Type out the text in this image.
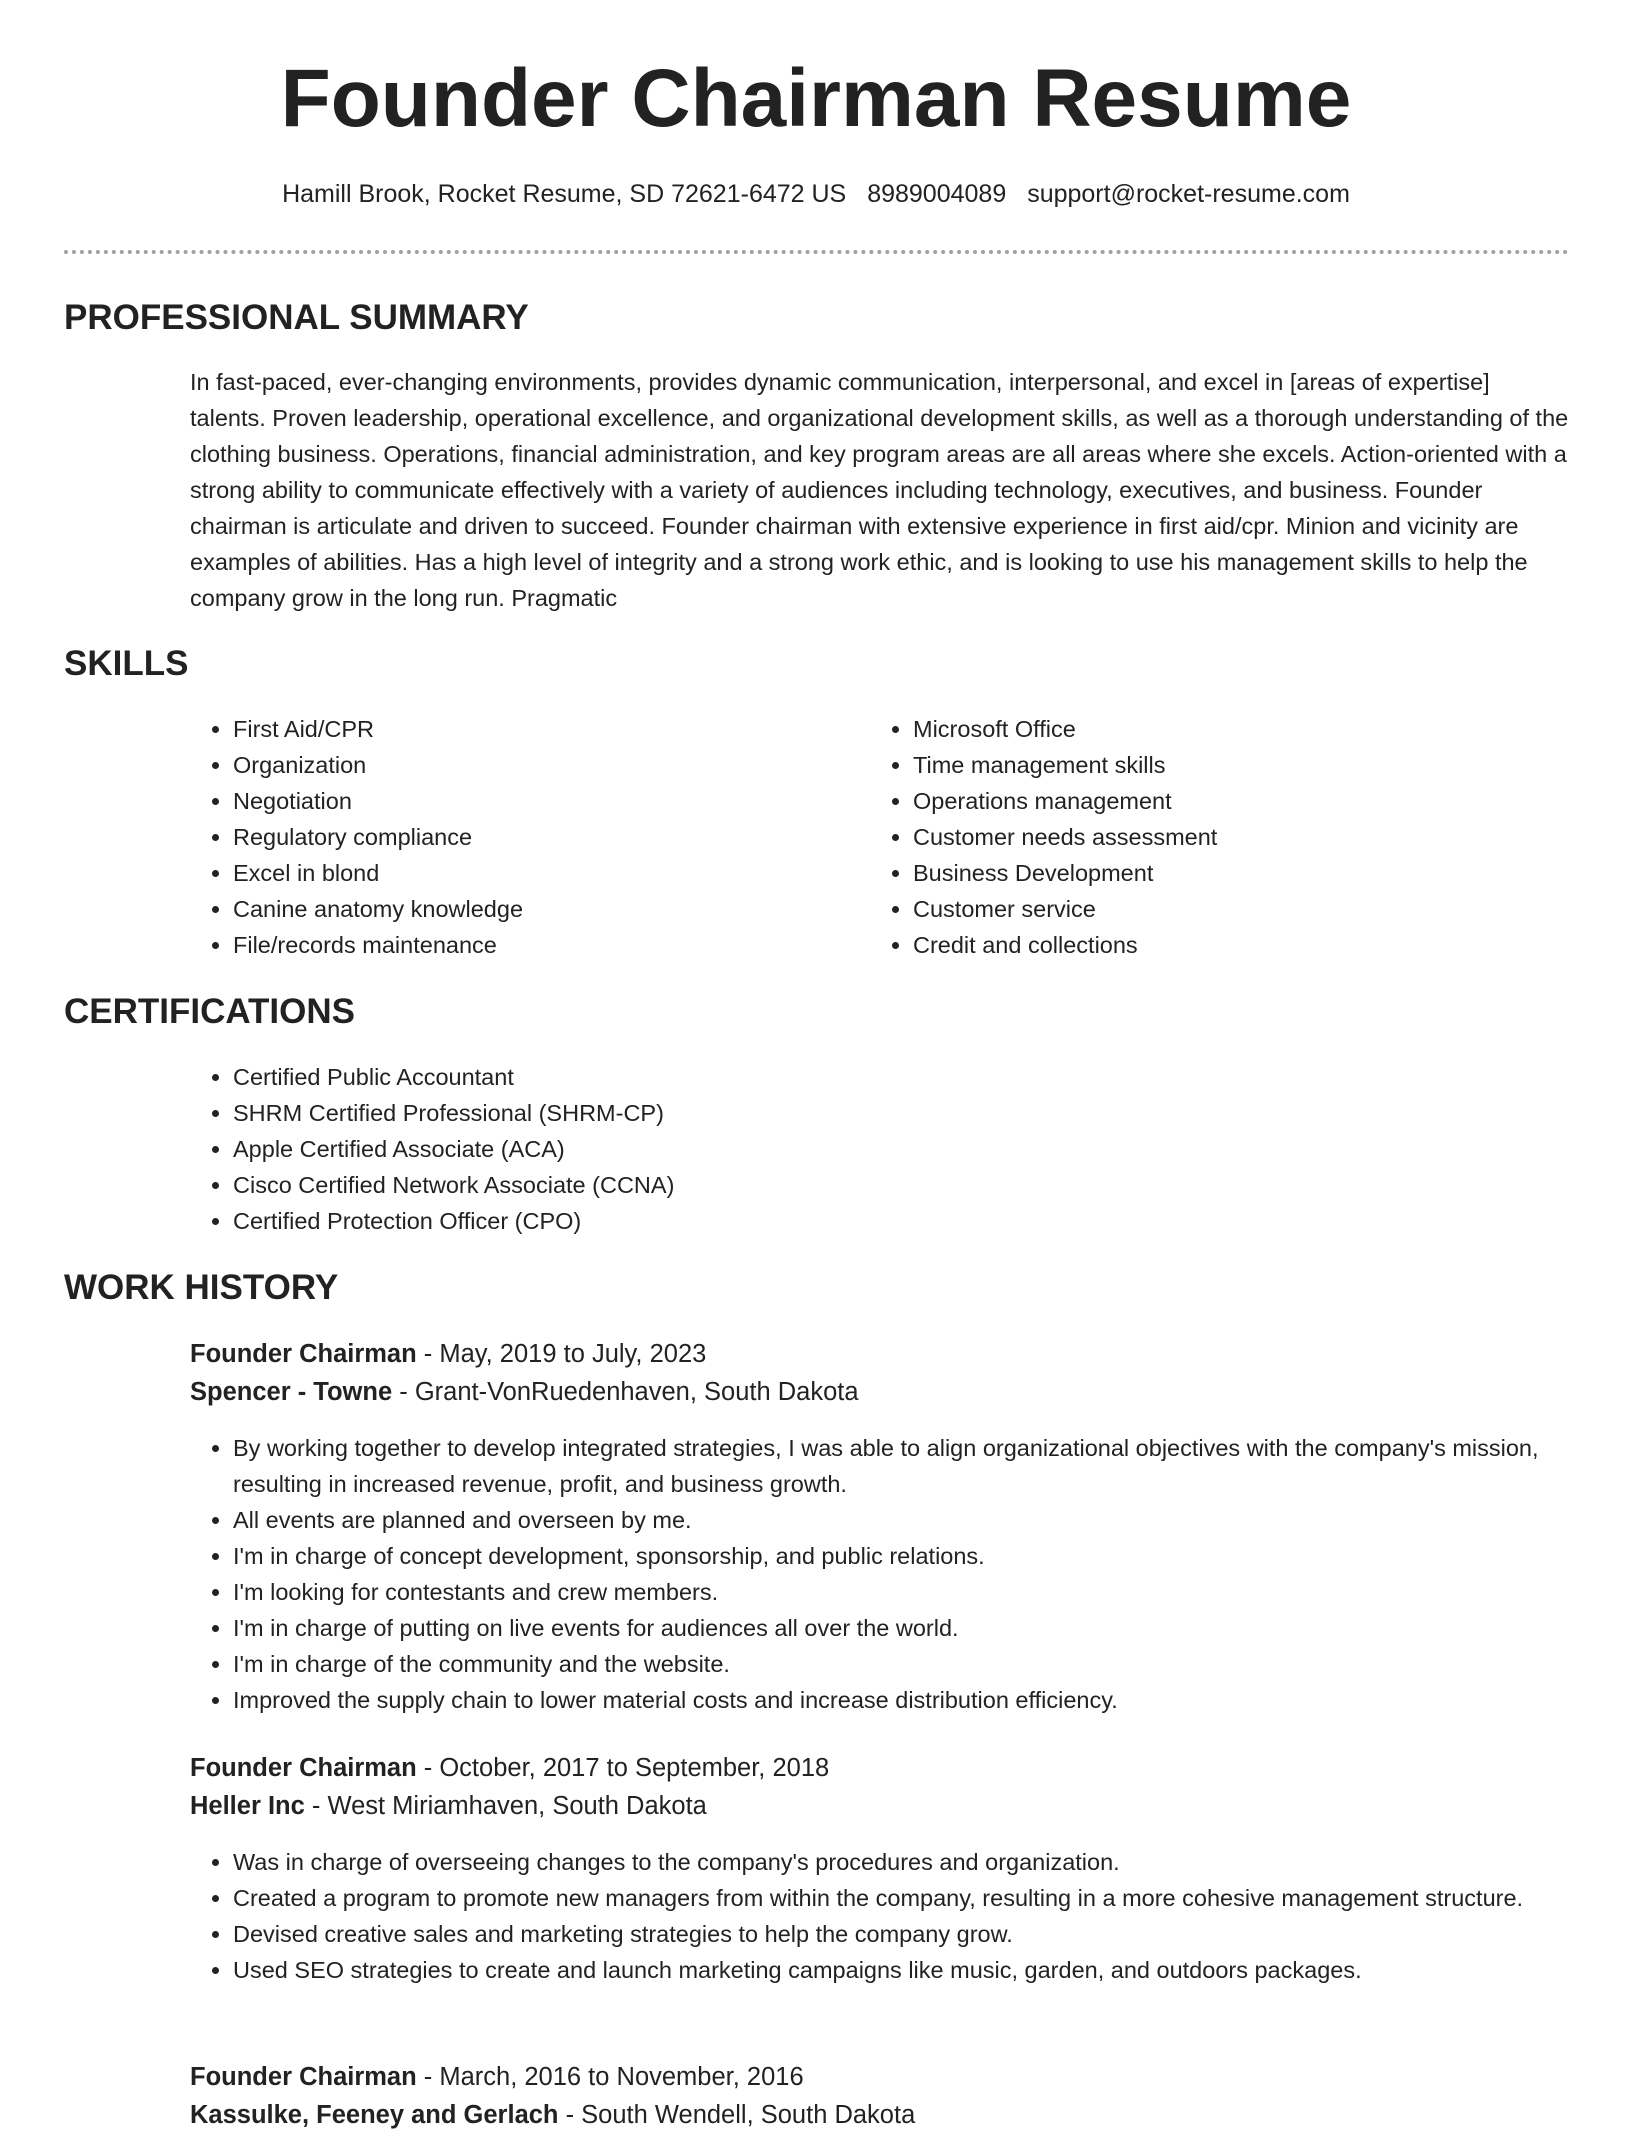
Founder Chairman Resume
Hamill Brook, Rocket Resume, SD 72621-6472 US 8989004089 support@rocket-resume.com
PROFESSIONAL SUMMARY

In fast-paced, ever-changing environments, provides dynamic communication, interpersonal, and excel in [areas of expertise] talents. Proven leadership, operational excellence, and organizational development skills, as well as a thorough understanding of the clothing business. Operations, financial administration, and key program areas are all areas where she excels. Action-oriented with a strong ability to communicate effectively with a variety of audiences including technology, executives, and business. Founder chairman is articulate and driven to succeed. Founder chairman with extensive experience in first aid/cpr. Minion and vicinity are examples of abilities. Has a high level of integrity and a strong work ethic, and is looking to use his management skills to help the company grow in the long run. Pragmatic

SKILLS
• First Aid/CPR
• Organization
• Negotiation
• Regulatory compliance
• Excel in blond
• Canine anatomy knowledge
• File/records maintenance
• Microsoft Office
• Time management skills
• Operations management
• Customer needs assessment
• Business Development
• Customer service
• Credit and collections
CERTIFICATIONS
• Certified Public Accountant
• SHRM Certified Professional (SHRM-CP)
• Apple Certified Associate (ACA)
• Cisco Certified Network Associate (CCNA)
• Certified Protection Officer (CPO)
WORK HISTORY
Founder Chairman - May, 2019 to July, 2023
Spencer - Towne - Grant-VonRuedenhaven, South Dakota
• By working together to develop integrated strategies, I was able to align organizational objectives with the company's mission, resulting in increased revenue, profit, and business growth.
• All events are planned and overseen by me.
• I'm in charge of concept development, sponsorship, and public relations.
• I'm looking for contestants and crew members.
• I'm in charge of putting on live events for audiences all over the world.
• I'm in charge of the community and the website.
• Improved the supply chain to lower material costs and increase distribution efficiency.
Founder Chairman - October, 2017 to September, 2018
Heller Inc - West Miriamhaven, South Dakota
• Was in charge of overseeing changes to the company's procedures and organization.
• Created a program to promote new managers from within the company, resulting in a more cohesive management structure.
• Devised creative sales and marketing strategies to help the company grow.
• Used SEO strategies to create and launch marketing campaigns like music, garden, and outdoors packages.
Founder Chairman - March, 2016 to November, 2016
Kassulke, Feeney and Gerlach - South Wendell, South Dakota
